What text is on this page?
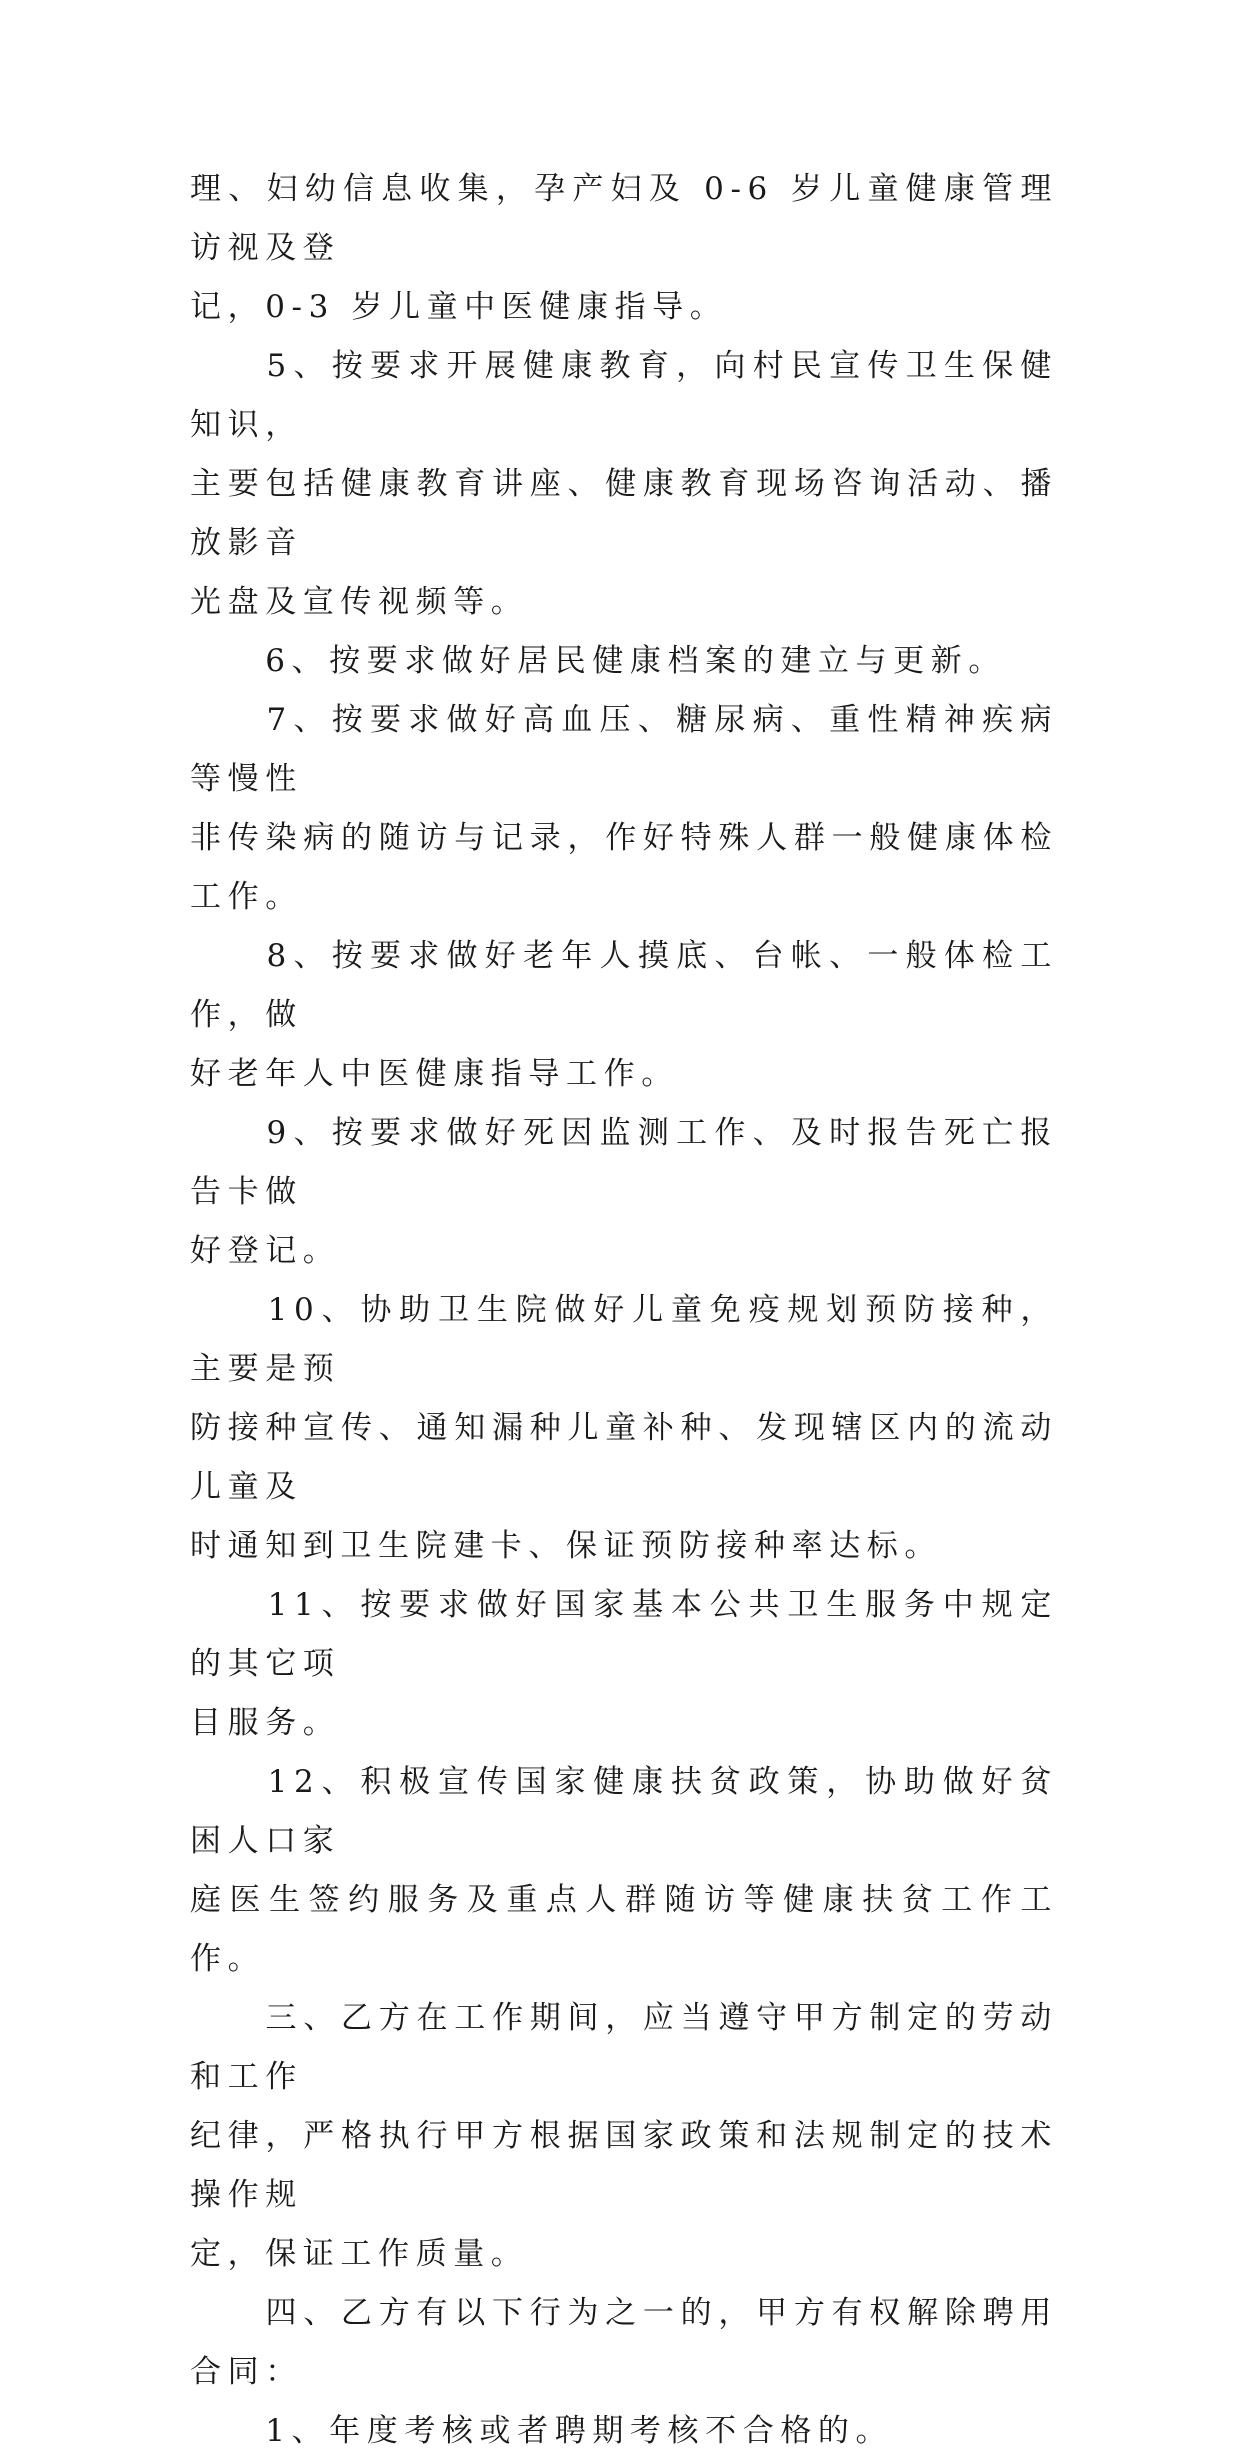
理、妇幼信息收集，孕产妇及 0-6 岁儿童健康管理访视及登
记，0-3 岁儿童中医健康指导。

　　5、按要求开展健康教育，向村民宣传卫生保健知识，
主要包括健康教育讲座、健康教育现场咨询活动、播放影音
光盘及宣传视频等。

　　6、按要求做好居民健康档案的建立与更新。

　　7、按要求做好高血压、糖尿病、重性精神疾病等慢性
非传染病的随访与记录，作好特殊人群一般健康体检工作。

　　8、按要求做好老年人摸底、台帐、一般体检工作，做
好老年人中医健康指导工作。

　　9、按要求做好死因监测工作、及时报告死亡报告卡做
好登记。

　　10、协助卫生院做好儿童免疫规划预防接种，主要是预
防接种宣传、通知漏种儿童补种、发现辖区内的流动儿童及
时通知到卫生院建卡、保证预防接种率达标。

　　11、按要求做好国家基本公共卫生服务中规定的其它项
目服务。

　　12、积极宣传国家健康扶贫政策，协助做好贫困人口家
庭医生签约服务及重点人群随访等健康扶贫工作工作。

　　三、乙方在工作期间，应当遵守甲方制定的劳动和工作
纪律，严格执行甲方根据国家政策和法规制定的技术操作规
定，保证工作质量。

　　四、乙方有以下行为之一的，甲方有权解除聘用合同：

　　1、年度考核或者聘期考核不合格的。
